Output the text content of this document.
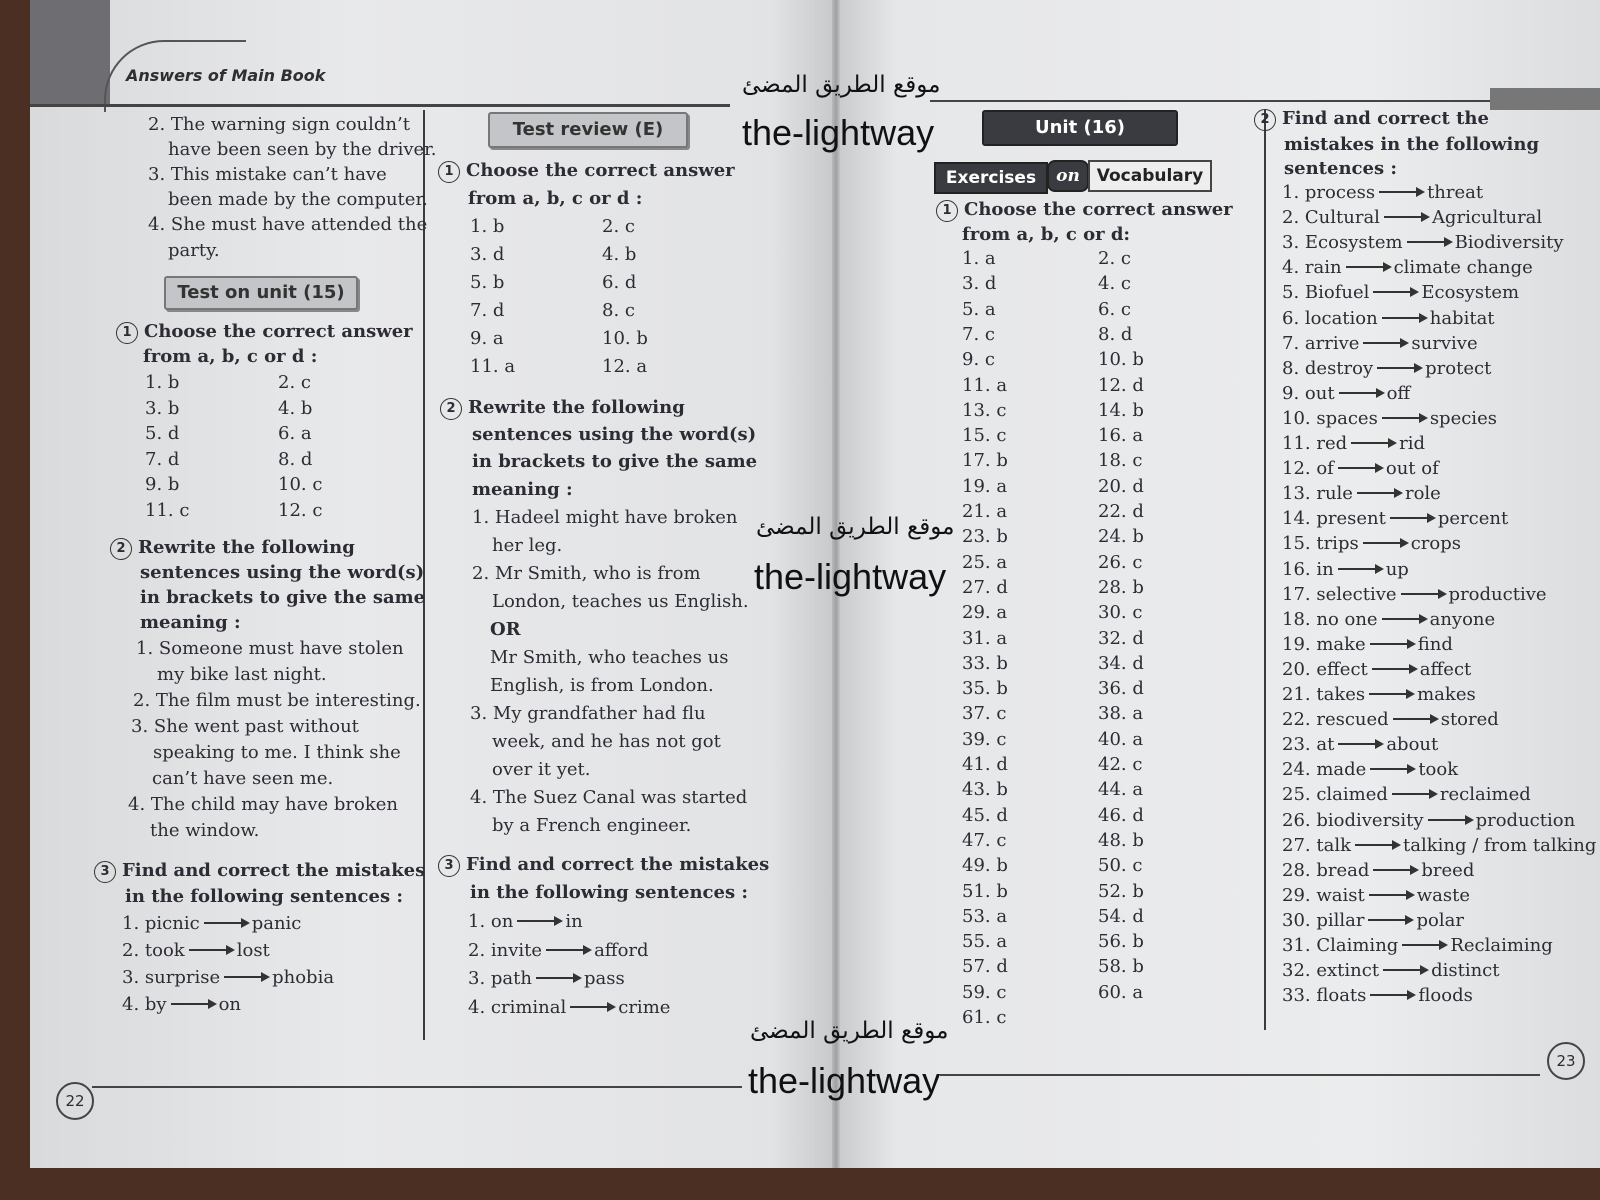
Answers of Main Book
22
23
2. The warning sign couldn’t
have been seen by the driver.
3. This mistake can’t have
been made by the computer.
4. She must have attended the
party.
Test on unit (15)
1 Choose the correct answer
from a, b, c or d :
1. b	2. c
3. b	4. b
5. d	6. a
7. d	8. d
9. b	10. c
11. c	12. c
2 Rewrite the following
sentences using the word(s)
in brackets to give the same
meaning :
1. Someone must have stolen
my bike last night.
2. The film must be interesting.
3. She went past without
speaking to me. I think she
can’t have seen me.
4. The child may have broken
the window.
3 Find and correct the mistakes
in the following sentences :
1. picnic	panic
2. took	lost
3. surprise	phobia
4. by	on
Test review (E)
1 Choose the correct answer
from a, b, c or d :
1. b	2. c
3. d	4. b
5. b	6. d
7. d	8. c
9. a	10. b
11. a	12. a
2 Rewrite the following
sentences using the word(s)
in brackets to give the same
meaning :
1. Hadeel might have broken
her leg.
2. Mr Smith, who is from
London, teaches us English.
OR
Mr Smith, who teaches us
English, is from London.
3. My grandfather had flu
week, and he has not got
over it yet.
4. The Suez Canal was started
by a French engineer.
3 Find and correct the mistakes
in the following sentences :
1. on	in
2. invite	afford
3. path	pass
4. criminal	crime
Unit (16)
Exercises	on Vocabulary
1 Choose the correct answer
from a, b, c or d:
1. a	2. c
3. d	4. c
5. a	6. c
7. c	8. d
9. c	10. b
11. a	12. d
13. c	14. b
15. c	16. a
17. b	18. c
19. a	20. d
21. a	22. d
23. b	24. b
25. a	26. c
27. d	28. b
29. a	30. c
31. a	32. d
33. b	34. d
35. b	36. d
37. c	38. a
39. c	40. a
41. d	42. c
43. b	44. a
45. d	46. d
47. c	48. b
49. b	50. c
51. b	52. b
53. a	54. d
55. a	56. b
57. d	58. b
59. c	60. a
61. c
2 Find and correct the
mistakes in the following
sentences :
1. process	threat
2. Cultural	Agricultural
3. Ecosystem	Biodiversity
4. rain	climate change
5. Biofuel	Ecosystem
6. location	habitat
7. arrive	survive
8. destroy	protect
9. out	off
10. spaces	species
11. red	rid
12. of	out of
13. rule	role
14. present	percent
15. trips	crops
16. in	up
17. selective	productive
18. no one	anyone
19. make	find
20. effect	affect
21. takes	makes
22. rescued	stored
23. at	about
24. made	took
25. claimed	reclaimed
26. biodiversity	production
27. talk	talking / from talking
28. bread	breed
29. waist	waste
30. pillar	polar
31. Claiming	Reclaiming
32. extinct	distinct
33. floats	floods
موقع الطريق المضئ
the-lightway
موقع الطريق المضئ
the-lightway
موقع الطريق المضئ
the-lightway
